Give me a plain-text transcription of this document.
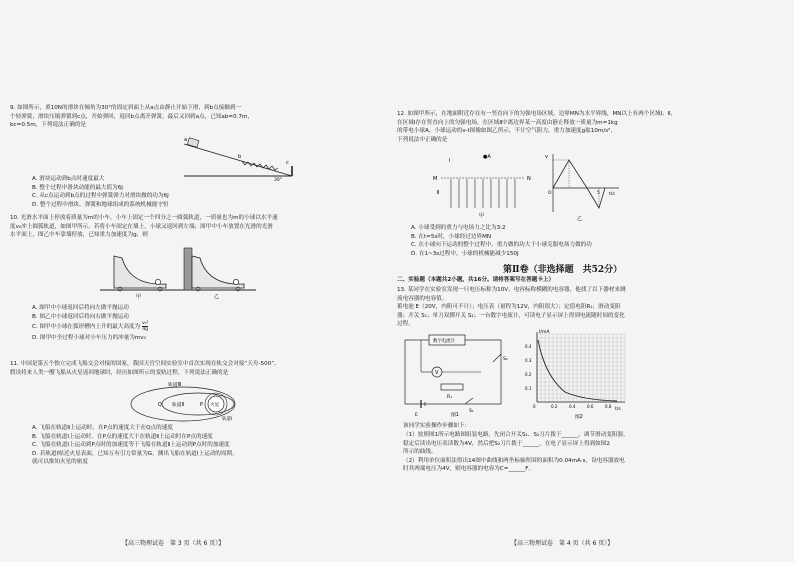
9. 如图所示，重10N的滑块在倾角为30°的固定斜面上从a点由静止开始下滑，到b点接触到一
个轻弹簧，滑块压缩弹簧到c点，开始弹回，返回b点离开弹簧，最后又回到a点，已知ab=0.7m，
bc=0.5m，下列说法正确的是
a
b
c
30°
A. 滑块运动到b点时速度最大
B. 整个过程中滑块动能的最大值为6J
C. 从c点运动到b点的过程中弹簧弹力对滑块做的功为6J
D. 整个过程中滑块、弹簧和地球组成的系统机械能守恒
10. 光滑水平面上停放着质量为m的小车，小车上固定一个四分之一圆弧轨道，一质量也为m的小球以水平速
度v₀冲上圆弧轨道，如图甲所示。若将小车固定在墙上，小球又返回到左端；图甲中小车放置在光滑的光滑
水平面上，图乙中车靠墙停放，已知重力加速度为g，则
甲	乙
A. 图甲中小球返回后将向左做平抛运动
B. 图乙中小球返回后将向右做平抛运动
C. 图甲中小球在弧形槽内上升的最大高度为 $\frac{\text{v₀²}}{4g}$
D. 图甲中全过程小球对小车压力的冲量为mv₀
11. 中国是第五个独立完成飞船交会对接的国家，我国天宫空间实验室中首次实现在轨交会对接“天舟-500”。
假设将来人类一艘飞船从火星返回地球时，经历如图所示的变轨过程，下列说法正确的是
轨道Ⅲ
Q 轨道Ⅱ	P 火星
轨道Ⅰ
A. 飞船在轨道Ⅱ上运动时，在P点的速度大于在Q点的速度
B. 飞船在轨道Ⅰ上运动时，在P点的速度大于在轨道Ⅱ上运动时在P点的速度
C. 飞船在轨道Ⅰ上运动到P点时的加速度等于飞船在轨道Ⅱ上运动到P点时的加速度
D. 若轨道Ⅰ贴近火星表面，已知万有引力常量为G，测出飞船在轨道Ⅰ上运动的周期，
就可以推知火星的密度
【高三物理试卷　第 3 页（共 6 页）】
12. 如图甲所示，在地面附近存在有一竖直向下的匀强电场区域，边界MN为水平界线，MN以上有两个区域Ⅰ、Ⅱ，
在区域Ⅰ存在竖直向上的匀强电场，在区域Ⅱ中离边界某一高度由静止释放一质量为m=1kg
的带电小球A，小球运动的v-t图像如图乙所示，不计空气阻力，重力加速度g取10m/s²，
下列说法中正确的是
Ⅰ
●A
M	N
Ⅱ
甲
v
t/s
O	5
乙
A. 小球受到的重力与电场力之比为3:2
B. 在t=5s时，小球经过边界MN
C. 在小球向下运动的整个过程中，重力做的功大于小球克服电场力做的功
D. 在1~3s过程中，小球的机械能减少150J
第Ⅱ卷（非选择题　共52分）
二、实验题（本题共2小题，共16分。请将答案写在答题卡上）
13. 某同学在实验室发现一只电压标称为10V、电容标称模糊的电容器，他找了以下器材来测
流电容器的电容值。
蓄电池 E（20V，内阻可不计）；电压表（量程为12V，内阻很大）；定值电阻R₁；滑动变阻
器；开关 S₁；单刀双掷开关 S₂；一台数字电流计，可读电子显示屏上得到电流随时间的变化
过程。
数字电流计
V
S₂
R₁
E
S₁
图1
I/mA
t/s
0	0.2	0.4	0.6	0.8
0.4
0.3
0.2
0.1
图2
该同学实验操作步骤如下：
（1）按照图1所示电路图组装电路，先闭合开关S₁、S₂刀片拨于______，调节滑动变阻器，
稳定后读出电压表读数为4V，然后把S₂刀片拨于______，在电子显示屏上得到如图2
所示的曲线。
（2）利用单位面积法得出14图中曲线和两坐标轴所围的面积为0.04mA·s，设电容器放电
时其两端电压为4V，则电容器的电容为C=______F。
【高三物理试卷　第 4 页（共 6 页）】
